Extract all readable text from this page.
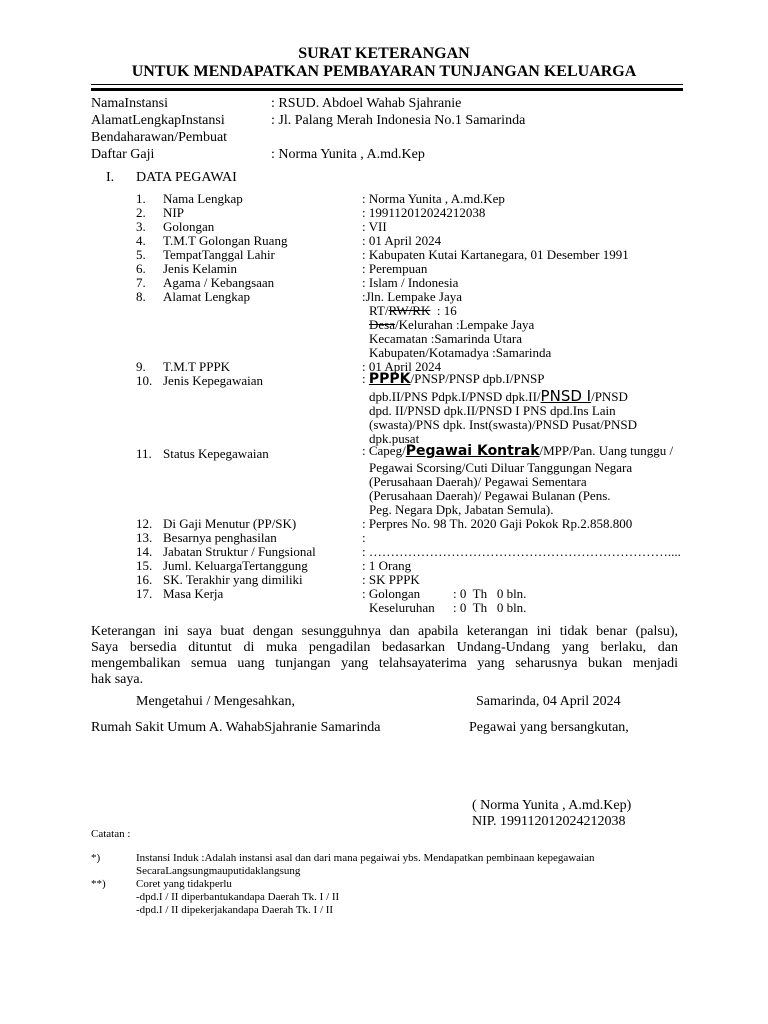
SURAT KETERANGAN
UNTUK MENDAPATKAN PEMBAYARAN TUNJANGAN KELUARGA
NamaInstansi	: RSUD. Abdoel Wahab Sjahranie
AlamatLengkapInstansi	: Jl. Palang Merah Indonesia No.1 Samarinda
Bendaharawan/Pembuat
Daftar Gaji	: Norma Yunita , A.md.Kep
I. DATA PEGAWAI
1. Nama Lengkap	: Norma Yunita , A.md.Kep
2. NIP	: 199112012024212038
3. Golongan	: VII
4. T.M.T Golongan Ruang	: 01 April 2024
5. TempatTanggal Lahir	: Kabupaten Kutai Kartanegara, 01 Desember 1991
6. Jenis Kelamin	: Perempuan
7. Agama / Kebangsaan	: Islam / Indonesia
8. Alamat Lengkap	:Jln. Lempake Jaya
RT/RW/RK  : 16
Desa/Kelurahan :Lempake Jaya
Kecamatan :Samarinda Utara
Kabupaten/Kotamadya :Samarinda
9. T.M.T PPPK	: 01 April 2024
10. Jenis Kepegawaian	: PPPK/PNSP/PNSP dpb.I/PNSP
dpb.II/PNS Pdpk.I/PNSD dpk.II/PNSD I/PNSD
dpd. II/PNSD dpk.II/PNSD I PNS dpd.Ins Lain
(swasta)/PNS dpk. Inst(swasta)/PNSD Pusat/PNSD
dpk.pusat
11. Status Kepegawaian	: Capeg/Pegawai Kontrak/MPP/Pan. Uang tunggu /
Pegawai Scorsing/Cuti Diluar Tanggungan Negara
(Perusahaan Daerah)/ Pegawai Sementara
(Perusahaan Daerah)/ Pegawai Bulanan (Pens.
Peg. Negara Dpk, Jabatan Semula).
12. Di Gaji Menutur (PP/SK)	: Perpres No. 98 Th. 2020 Gaji Pokok Rp.2.858.800
13. Besarnya penghasilan	:
14. Jabatan Struktur / Fungsional	: ……………………………………………………………....
15. Juml. KeluargaTertanggung	: 1 Orang
16. SK. Terakhir yang dimiliki	: SK PPPK
17. Masa Kerja	: Golongan	: 0  Th   0 bln.
Keseluruhan : 0  Th   0 bln.
Keterangan ini saya buat dengan sesungguhnya dan apabila keterangan ini tidak benar (palsu),
Saya bersedia dituntut di muka pengadilan bedasarkan Undang-Undang yang berlaku, dan
mengembalikan semua uang tunjangan yang telahsayaterima yang seharusnya bukan menjadi
hak saya.
Mengetahui / Mengesahkan,	Samarinda, 04 April 2024
Rumah Sakit Umum A. WahabSjahranie Samarinda	Pegawai yang bersangkutan,
( Norma Yunita , A.md.Kep)
NIP. 199112012024212038
Catatan :
*)	Instansi Induk :Adalah instansi asal dan dari mana pegaiwai ybs. Mendapatkan pembinaan kepegawaian
SecaraLangsungmauputidaklangsung
**)	Coret yang tidakperlu
-dpd.I / II diperbantukandapa Daerah Tk. I / II
-dpd.I / II dipekerjakandapa Daerah Tk. I / II
